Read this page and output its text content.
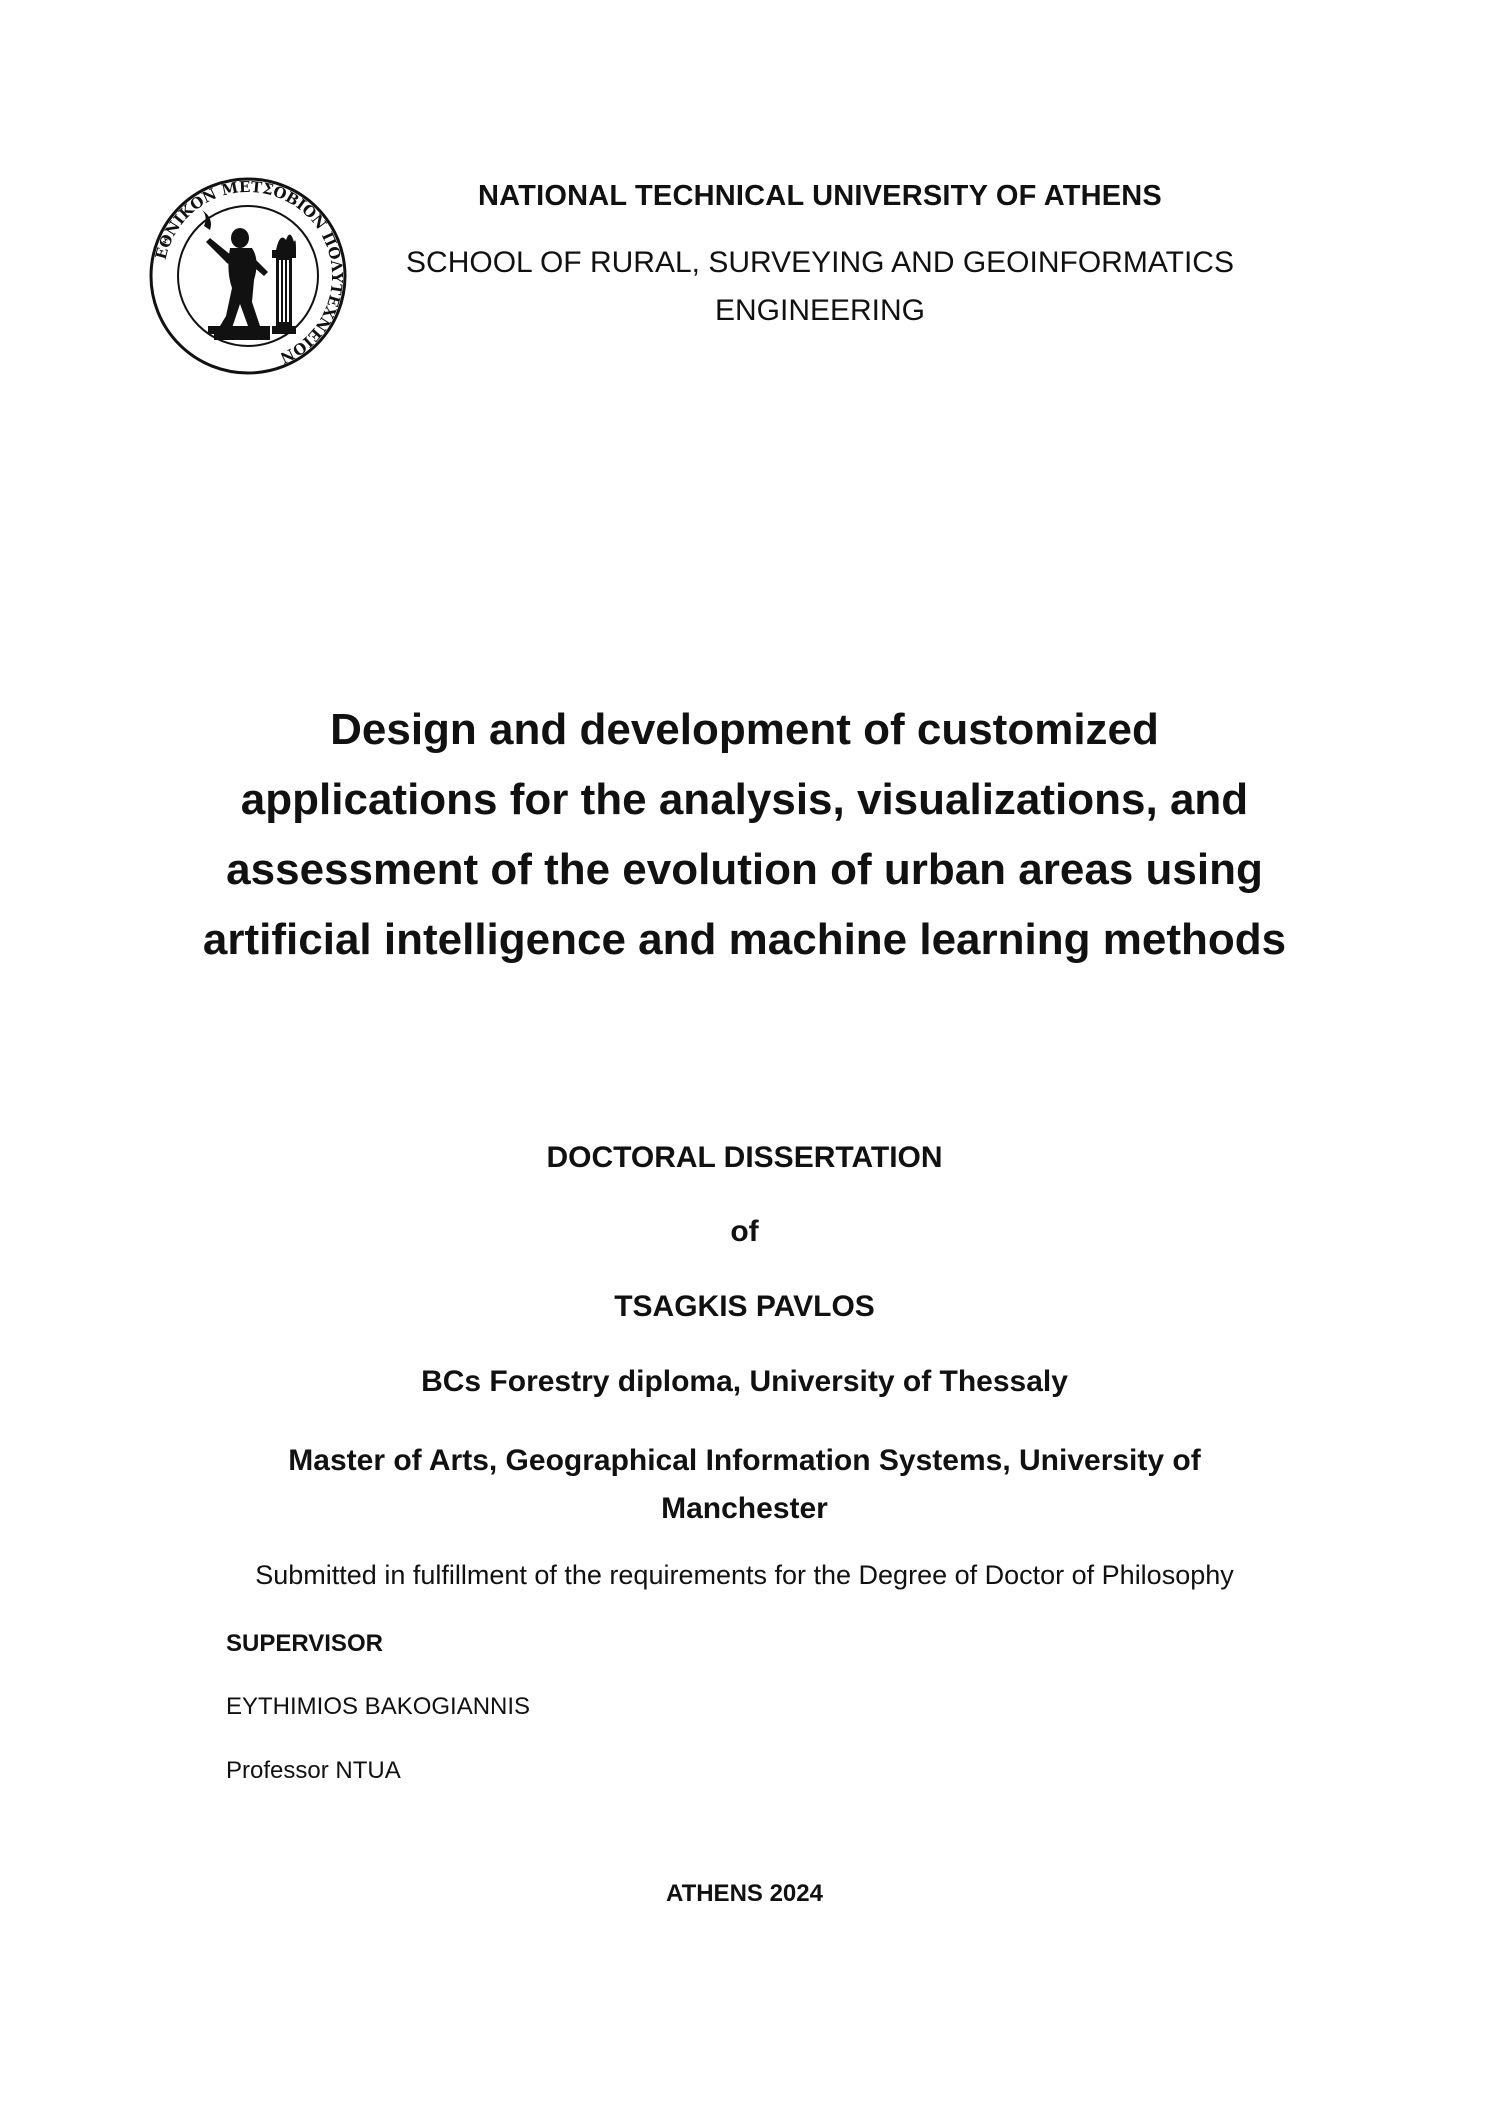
ΕΘΝΙΚΟΝ ΜΕΤΣΟΒΙΟΝ ΠΟΛΥΤΕΧΝΕΙΟΝ
NATIONAL TECHNICAL UNIVERSITY OF ATHENS
SCHOOL OF RURAL, SURVEYING AND GEOINFORMATICS ENGINEERING
Design and development of customized applications for the analysis, visualizations, and assessment of the evolution of urban areas using artificial intelligence and machine learning methods
DOCTORAL DISSERTATION
of
TSAGKIS PAVLOS
BCs Forestry diploma, University of Thessaly
Master of Arts, Geographical Information Systems, University of Manchester
Submitted in fulfillment of the requirements for the Degree of Doctor of Philosophy
SUPERVISOR
EYTHIMIOS BAKOGIANNIS
Professor NTUA
ATHENS 2024
